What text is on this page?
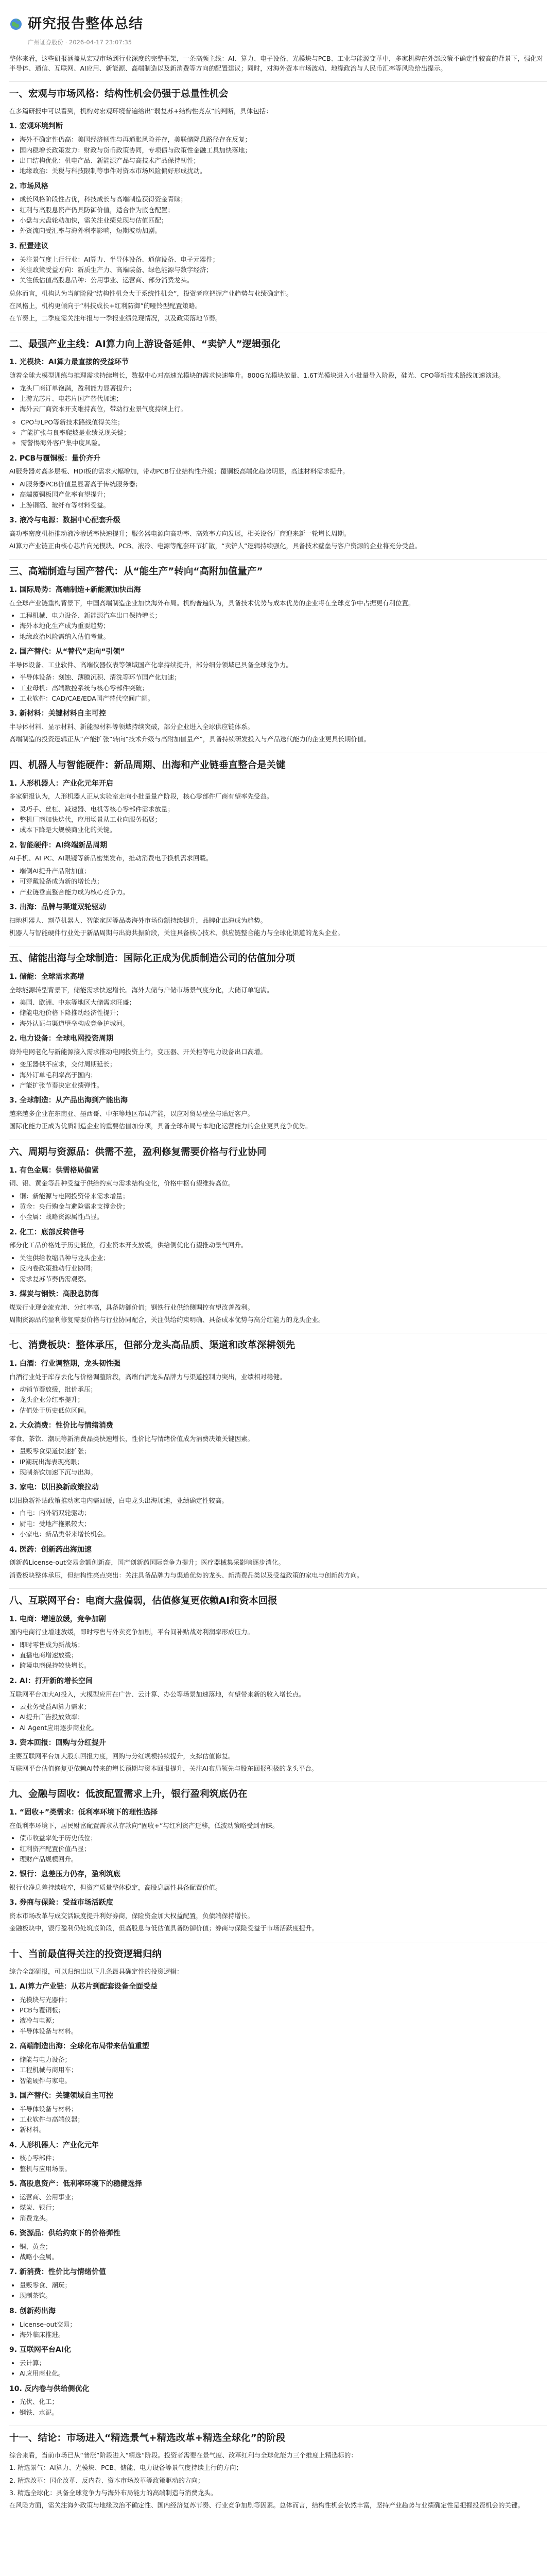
研究报告整体总结
广州证券股份 · 2026-04-17 23:07:35

整体来看，这些研报涵盖从宏观市场到行业深度的完整框架，一条高频主线：AI、算力、电子设备、光模块与PCB、工业与能源变革中，多家机构在外部政策不确定性较高的背景下，强化对半导体、通信、互联网、AI应用、新能源、高端制造以及新消费等方向的配置建议；同时，对海外资本市场波动、地缘政治与人民币汇率等风险给出提示。

一、宏观与市场风格：结构性机会仍强于总量性机会

在多篇研报中可以看到，机构对宏观环境普遍给出“弱复苏+结构性亮点”的判断，具体包括：

1. 宏观环境判断
• 海外不确定性仍高：美国经济韧性与再通胀风险并存，美联储降息路径存在反复；
• 国内稳增长政策发力：财政与货币政策协同，专项债与政策性金融工具加快落地；
• 出口结构优化：机电产品、新能源产品与高技术产品保持韧性；
• 地缘政治：关税与科技限制等事件对资本市场风险偏好形成扰动。
2. 市场风格
• 成长风格阶段性占优，科技成长与高端制造获得资金青睐；
• 红利与高股息资产仍具防御价值，适合作为底仓配置；
• 小盘与大盘轮动加快，需关注业绩兑现与估值匹配；
• 外资流向受汇率与海外利率影响，短期波动加剧。
3. 配置建议
• 关注景气度上行行业：AI算力、半导体设备、通信设备、电子元器件；
• 关注政策受益方向：新质生产力、高端装备、绿色能源与数字经济；
• 关注低估值高股息品种：公用事业、运营商、部分消费龙头。

总体而言，机构认为当前阶段“结构性机会大于系统性机会”，投资者应把握产业趋势与业绩确定性。

在风格上，机构更倾向于“科技成长+红利防御”的哑铃型配置策略。

在节奏上，二季度需关注年报与一季报业绩兑现情况，以及政策落地节奏。

二、最强产业主线：AI算力向上游设备延伸、“卖铲人”逻辑强化
1. 光模块：AI算力最直接的受益环节

随着全球大模型训练与推理需求持续增长，数据中心对高速光模块的需求快速攀升。800G光模块放量、1.6T光模块进入小批量导入阶段，硅光、CPO等新技术路线加速演进。

• 龙头厂商订单饱满，盈利能力显著提升；
• 上游光芯片、电芯片国产替代加速；
• 海外云厂商资本开支维持高位，带动行业景气度持续上行。
◦ CPO与LPO等新技术路线值得关注；
◦ 产能扩张与良率爬坡是业绩兑现关键；
◦ 需警惕海外客户集中度风险。
2. PCB与覆铜板：量价齐升

AI服务器对高多层板、HDI板的需求大幅增加，带动PCB行业结构性升级；覆铜板高端化趋势明显，高速材料需求提升。

• AI服务器PCB价值量显著高于传统服务器；
• 高端覆铜板国产化率有望提升；
• 上游铜箔、玻纤布等材料受益。
3. 液冷与电源：数据中心配套升级

高功率密度机柜推动液冷渗透率快速提升；服务器电源向高功率、高效率方向发展，相关设备厂商迎来新一轮增长周期。

AI算力产业链正由核心芯片向光模块、PCB、液冷、电源等配套环节扩散，“卖铲人”逻辑持续强化，具备技术壁垒与客户资源的企业将充分受益。

三、高端制造与国产替代：从“能生产”转向“高附加值量产”
1. 国际局势：高端制造+新能源加快出海

在全球产业链重构背景下，中国高端制造企业加快海外布局。机构普遍认为，具备技术优势与成本优势的企业将在全球竞争中占据更有利位置。

• 工程机械、电力设备、新能源汽车出口保持增长；
• 海外本地化生产成为重要趋势；
• 地缘政治风险需纳入估值考量。
2. 国产替代：从“替代”走向“引领”

半导体设备、工业软件、高端仪器仪表等领域国产化率持续提升，部分细分领域已具备全球竞争力。

• 半导体设备：刻蚀、薄膜沉积、清洗等环节国产化加速；
• 工业母机：高端数控系统与核心零部件突破；
• 工业软件：CAD/CAE/EDA国产替代空间广阔。
3. 新材料：关键材料自主可控

半导体材料、显示材料、新能源材料等领域持续突破，部分企业进入全球供应链体系。

高端制造的投资逻辑正从“产能扩张”转向“技术升级与高附加值量产”，具备持续研发投入与产品迭代能力的企业更具长期价值。

四、机器人与智能硬件：新品周期、出海和产业链垂直整合是关键
1. 人形机器人：产业化元年开启

多家研报认为，人形机器人正从实验室走向小批量量产阶段，核心零部件厂商有望率先受益。

• 灵巧手、丝杠、减速器、电机等核心零部件需求放量；
• 整机厂商加快迭代，应用场景从工业向服务拓展；
• 成本下降是大规模商业化的关键。
2. 智能硬件：AI终端新品周期

AI手机、AI PC、AI眼镜等新品密集发布，推动消费电子换机需求回暖。

• 端侧AI提升产品附加值；
• 可穿戴设备成为新的增长点；
• 产业链垂直整合能力成为核心竞争力。
3. 出海：品牌与渠道双轮驱动

扫地机器人、割草机器人、智能家居等品类海外市场份额持续提升，品牌化出海成为趋势。

机器人与智能硬件行业处于新品周期与出海共振阶段，关注具备核心技术、供应链整合能力与全球化渠道的龙头企业。

五、储能出海与全球制造：国际化正成为优质制造公司的估值加分项
1. 储能：全球需求高增

全球能源转型背景下，储能需求快速增长。海外大储与户储市场景气度分化，大储订单饱满。

• 美国、欧洲、中东等地区大储需求旺盛；
• 储能电池价格下降推动经济性提升；
• 海外认证与渠道壁垒构成竞争护城河。
2. 电力设备：全球电网投资周期

海外电网老化与新能源接入需求推动电网投资上行，变压器、开关柜等电力设备出口高增。

• 变压器供不应求，交付周期延长；
• 海外订单毛利率高于国内；
• 产能扩张节奏决定业绩弹性。
3. 全球制造：从产品出海到产能出海

越来越多企业在东南亚、墨西哥、中东等地区布局产能，以应对贸易壁垒与贴近客户。

国际化能力正成为优质制造企业的重要估值加分项，具备全球布局与本地化运营能力的企业更具竞争优势。

六、周期与资源品：供需不差，盈利修复需要价格与行业协同
1. 有色金属：供需格局偏紧

铜、铝、黄金等品种受益于供给约束与需求结构变化，价格中枢有望维持高位。

• 铜：新能源与电网投资带来需求增量；
• 黄金：央行购金与避险需求支撑金价；
• 小金属：战略资源属性凸显。
2. 化工：底部反转信号

部分化工品价格处于历史低位，行业资本开支放缓，供给侧优化有望推动景气回升。

• 关注供给收缩品种与龙头企业；
• 反内卷政策推动行业协同；
• 需求复苏节奏仍需观察。
3. 煤炭与钢铁：高股息防御

煤炭行业现金流充沛、分红率高，具备防御价值；钢铁行业供给侧调控有望改善盈利。

周期资源品的盈利修复需要价格与行业协同配合，关注供给约束明确、具备成本优势与高分红能力的龙头企业。

七、消费板块：整体承压，但部分龙头高品质、渠道和改革深耕领先
1. 白酒：行业调整期，龙头韧性强

白酒行业处于库存去化与价格调整阶段，高端白酒龙头品牌力与渠道控制力突出，业绩相对稳健。

• 动销节奏放缓，批价承压；
• 龙头企业分红率提升；
• 估值处于历史低位区间。
2. 大众消费：性价比与情绪消费

零食、茶饮、潮玩等新消费品类快速增长，性价比与情绪价值成为消费决策关键因素。

• 量贩零食渠道快速扩张；
• IP潮玩出海表现亮眼；
• 现制茶饮加速下沉与出海。
3. 家电：以旧换新政策拉动

以旧换新补贴政策推动家电内需回暖，白电龙头出海加速，业绩确定性较高。

• 白电：内外销双轮驱动；
• 厨电：受地产拖累较大；
• 小家电：新品类带来增长机会。
4. 医药：创新药出海加速

创新药License-out交易金额创新高，国产创新药国际竞争力提升；医疗器械集采影响逐步消化。

消费板块整体承压，但结构性亮点突出：关注具备品牌力与渠道优势的龙头、新消费品类以及受益政策的家电与创新药方向。

八、互联网平台：电商大盘偏弱，估值修复更依赖AI和资本回报
1. 电商：增速放缓，竞争加剧

国内电商行业增速放缓，即时零售与外卖竞争加剧，平台间补贴战对利润率形成压力。

• 即时零售成为新战场；
• 直播电商增速放缓；
• 跨境电商保持较快增长。
2. AI：打开新的增长空间

互联网平台加大AI投入，大模型应用在广告、云计算、办公等场景加速落地，有望带来新的收入增长点。

• 云业务受益AI算力需求；
• AI提升广告投放效率；
• AI Agent应用逐步商业化。
3. 资本回报：回购与分红提升

主要互联网平台加大股东回报力度，回购与分红规模持续提升，支撑估值修复。

互联网平台估值修复更依赖AI带来的增长预期与资本回报提升，关注AI布局领先与股东回报积极的龙头平台。

九、金融与固收：低波配置需求上升，银行盈利筑底仍在
1. “固收+”类需求：低利率环境下的理性选择

在低利率环境下，居民财富配置需求从存款向“固收+”与红利资产迁移，低波动策略受到青睐。

• 债市收益率处于历史低位；
• 红利资产配置价值凸显；
• 理财产品规模回升。
2. 银行：息差压力仍存，盈利筑底

银行业净息差持续收窄，但资产质量整体稳定，高股息属性具备配置价值。

3. 券商与保险：受益市场活跃度

资本市场改革与成交活跃度提升利好券商，保险资金加大权益配置，负债端保持增长。

金融板块中，银行盈利仍处筑底阶段，但高股息与低估值具备防御价值；券商与保险受益于市场活跃度提升。

十、当前最值得关注的投资逻辑归纳

综合全部研报，可以归纳出以下几条最具确定性的投资逻辑：

1. AI算力产业链：从芯片到配套设备全面受益
• 光模块与光器件；
• PCB与覆铜板；
• 液冷与电源；
• 半导体设备与材料。
2. 高端制造出海：全球化布局带来估值重塑
• 储能与电力设备；
• 工程机械与商用车；
• 智能硬件与家电。
3. 国产替代：关键领域自主可控
• 半导体设备与材料；
• 工业软件与高端仪器；
• 新材料。
4. 人形机器人：产业化元年
• 核心零部件；
• 整机与应用场景。
5. 高股息资产：低利率环境下的稳健选择
• 运营商、公用事业；
• 煤炭、银行；
• 消费龙头。
6. 资源品：供给约束下的价格弹性
• 铜、黄金；
• 战略小金属。
7. 新消费：性价比与情绪价值
• 量贩零食、潮玩；
• 现制茶饮。
8. 创新药出海
• License-out交易；
• 海外临床推进。
9. 互联网平台AI化
• 云计算；
• AI应用商业化。
10. 反内卷与供给侧优化
• 光伏、化工；
• 钢铁、水泥。
十一、结论：市场进入“精选景气+精选改革+精选全球化”的阶段

综合来看，当前市场已从“普涨”阶段进入“精选”阶段。投资者需要在景气度、改革红利与全球化能力三个维度上精选标的：

1. 精选景气：AI算力、光模块、PCB、储能、电力设备等景气度持续上行的方向；

2. 精选改革：国企改革、反内卷、资本市场改革等政策驱动的方向；

3. 精选全球化：具备全球竞争力与海外布局能力的高端制造与消费龙头。

在风险方面，需关注海外政策与地缘政治不确定性、国内经济复苏节奏、行业竞争加剧等因素。总体而言，结构性机会依然丰富，坚持产业趋势与业绩确定性是把握投资机会的关键。
